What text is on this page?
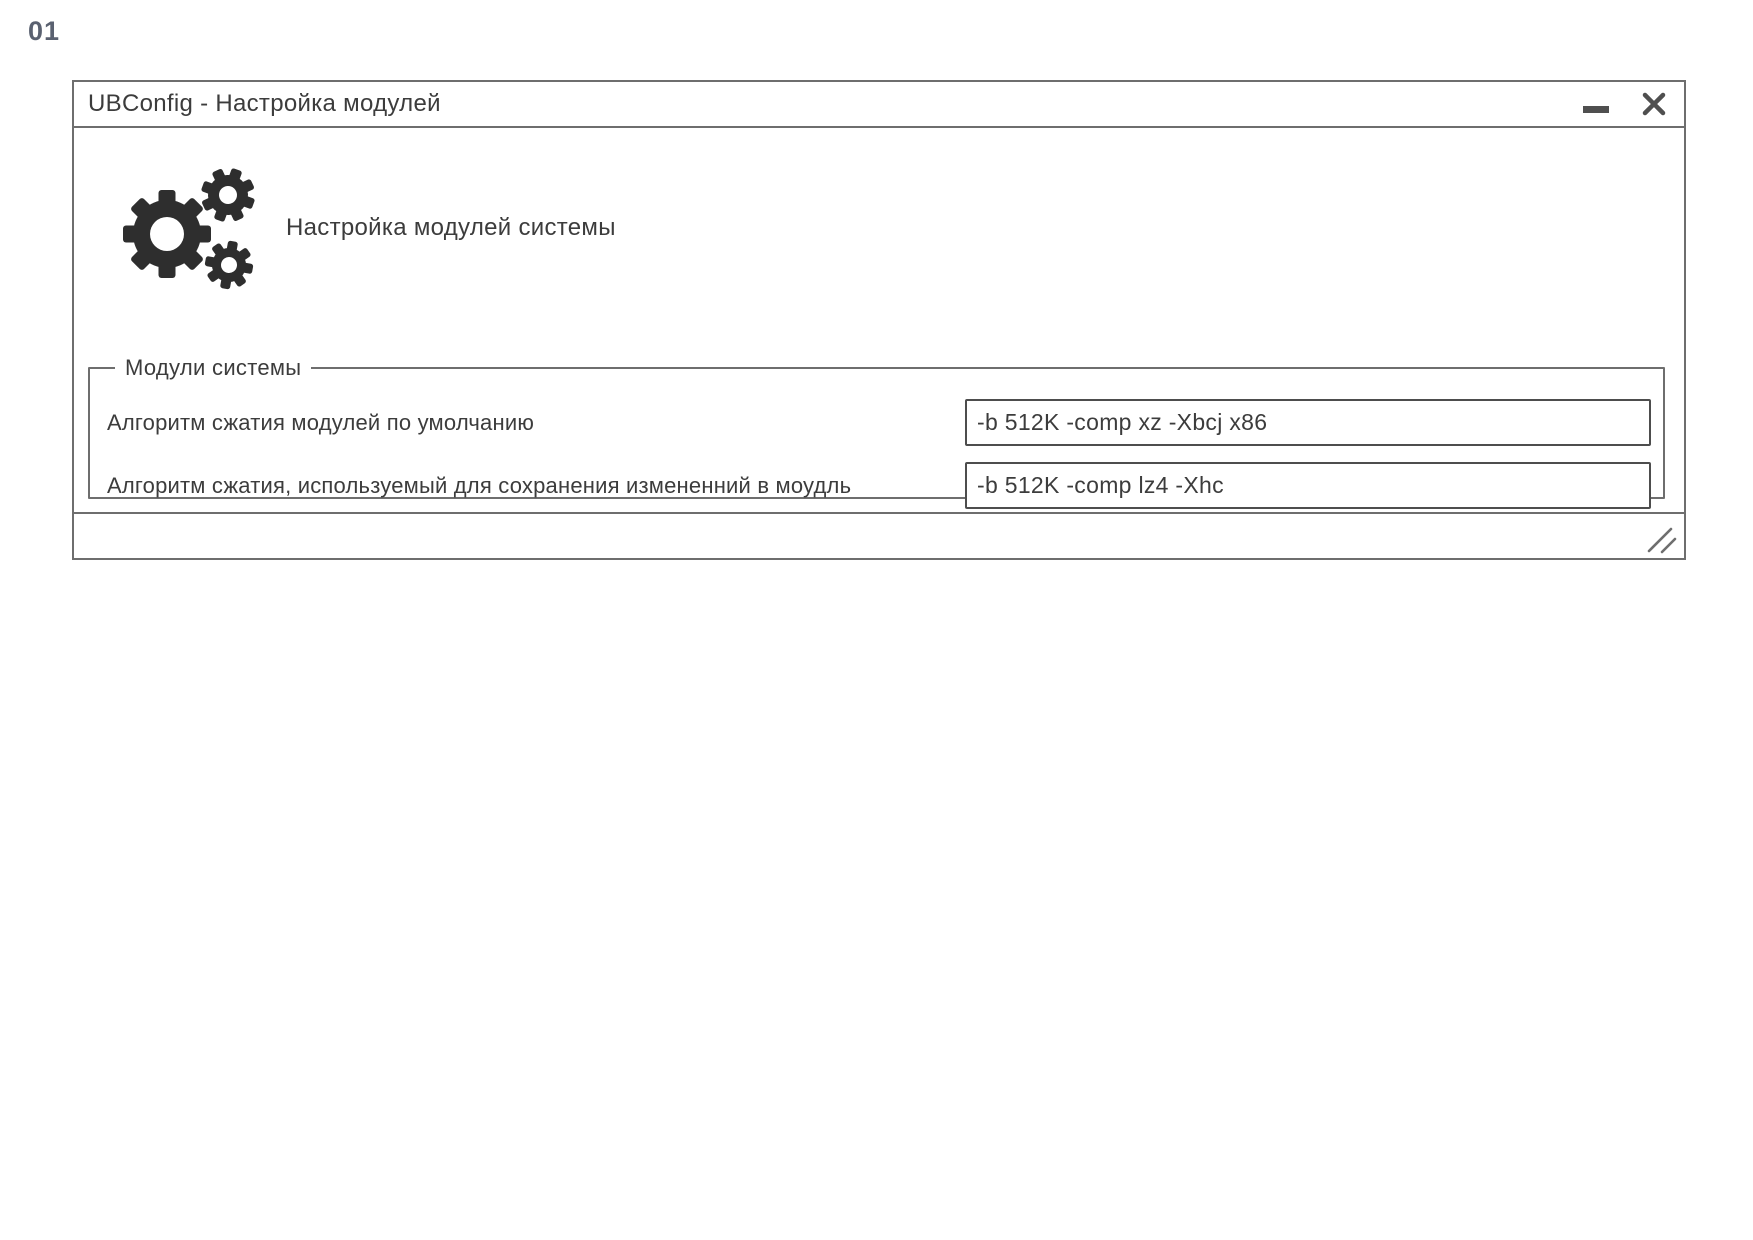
01
UBConfig - Настройка модулей
Настройка модулей системы
Модули системы
Алгоритм сжатия модулей по умолчанию
-b 512K -comp xz -Xbcj x86
Алгоритм сжатия, используемый для сохранения измененний в моудль
-b 512K -comp lz4 -Xhc
